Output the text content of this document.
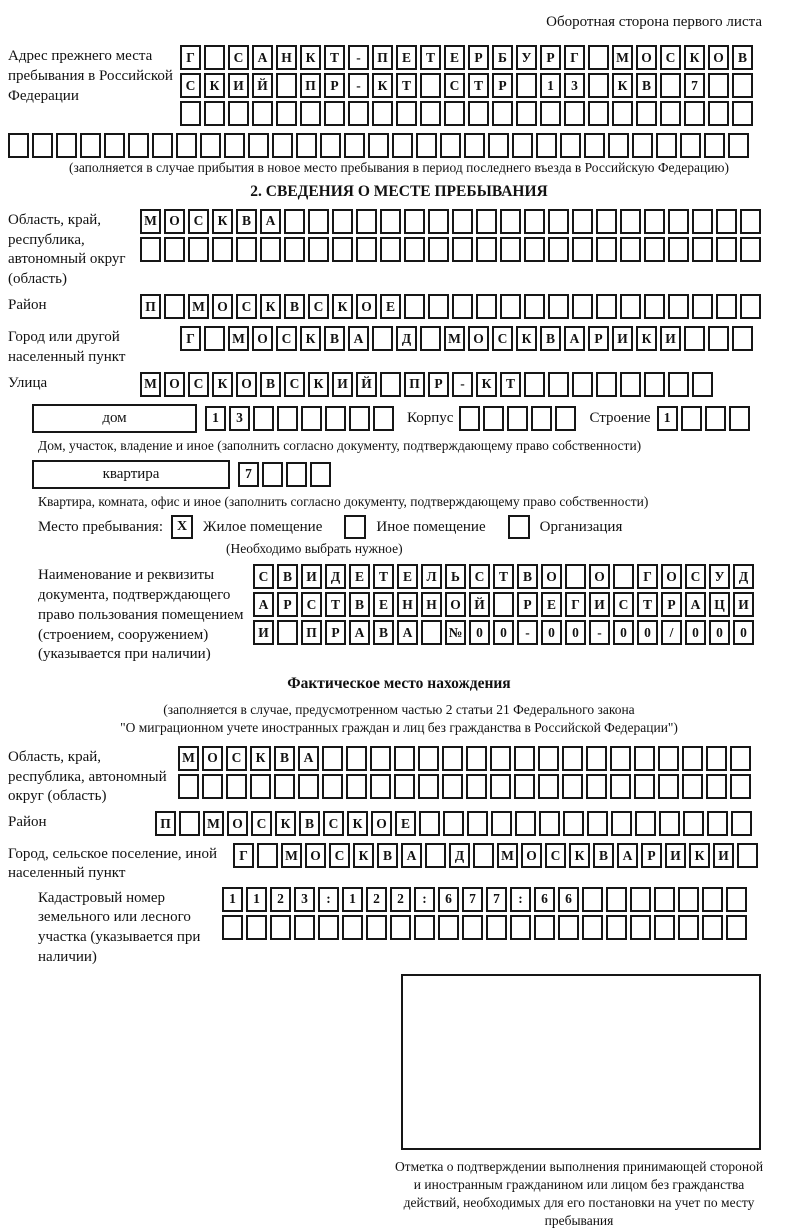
Оборотная сторона первого листа
Адрес прежнего места пребывания в Российской Федерации
Г	С	А	Н	К	Т	-	П	Е	Т	Е	Р	Б	У	Р	Г	М О	С	К	О	В
С	К	И Й	П	Р	-	К	Т	С	Т	Р	1	3	К	В	7
(заполняется в случае прибытия в новое место пребывания в период последнего въезда в Российскую Федерацию)
2. СВЕДЕНИЯ О МЕСТЕ ПРЕБЫВАНИЯ
Область, край, республика, автономный округ (область)
М О	С	К	В	А
Район	П	М О	С	К	В	С	К	О	Е
Город или другой населенный пункт
Г	М О	С	К	В	А	Д	М О	С	К	В	А	Р	И	К	И
Улица	М О	С	К	О	В	С	К	И Й	П	Р	-	К	Т
дом	1	3	Корпус	Строение 1
Дом, участок, владение и иное (заполнить согласно документу, подтверждающему право собственности)
квартира	7
Квартира, комната, офис и иное (заполнить согласно документу, подтверждающему право собственности)
Место пребывания: X	Жилое помещение	Иное помещение	Организация
(Необходимо выбрать нужное)
Наименование и реквизиты документа, подтверждающего право пользования помещением (строением, сооружением) (указывается при наличии)
С	В	И	Д	Е	Т	Е	Л	Ь	С	Т	В	О	О	Г	О	С	У	Д
А	Р	С	Т	В	Е	Н Н О Й	Р	Е	Г	И	С	Т	Р	А	Ц И
И	П	Р	А	В	А	№	0	0	-	0	0	-	0	0	/	0	0	0
Фактическое место нахождения
(заполняется в случае, предусмотренном частью 2 статьи 21 Федерального закона
"О миграционном учете иностранных граждан и лиц без гражданства в Российской Федерации")
Область, край, республика, автономный округ (область)
М О	С	К	В	А
Район	П	М О	С	К	В	С	К	О	Е
Город, сельское поселение, иной населенный пункт
Г	М О	С	К	В	А	Д	М О	С	К	В	А	Р	И	К	И
Кадастровый номер земельного или лесного участка (указывается при наличии)
1	1	2	3	:	1	2	2	:	6	7	7	:	6	6
Отметка о подтверждении выполнения принимающей стороной и иностранным гражданином или лицом без гражданства действий, необходимых для его постановки на учет по месту пребывания
